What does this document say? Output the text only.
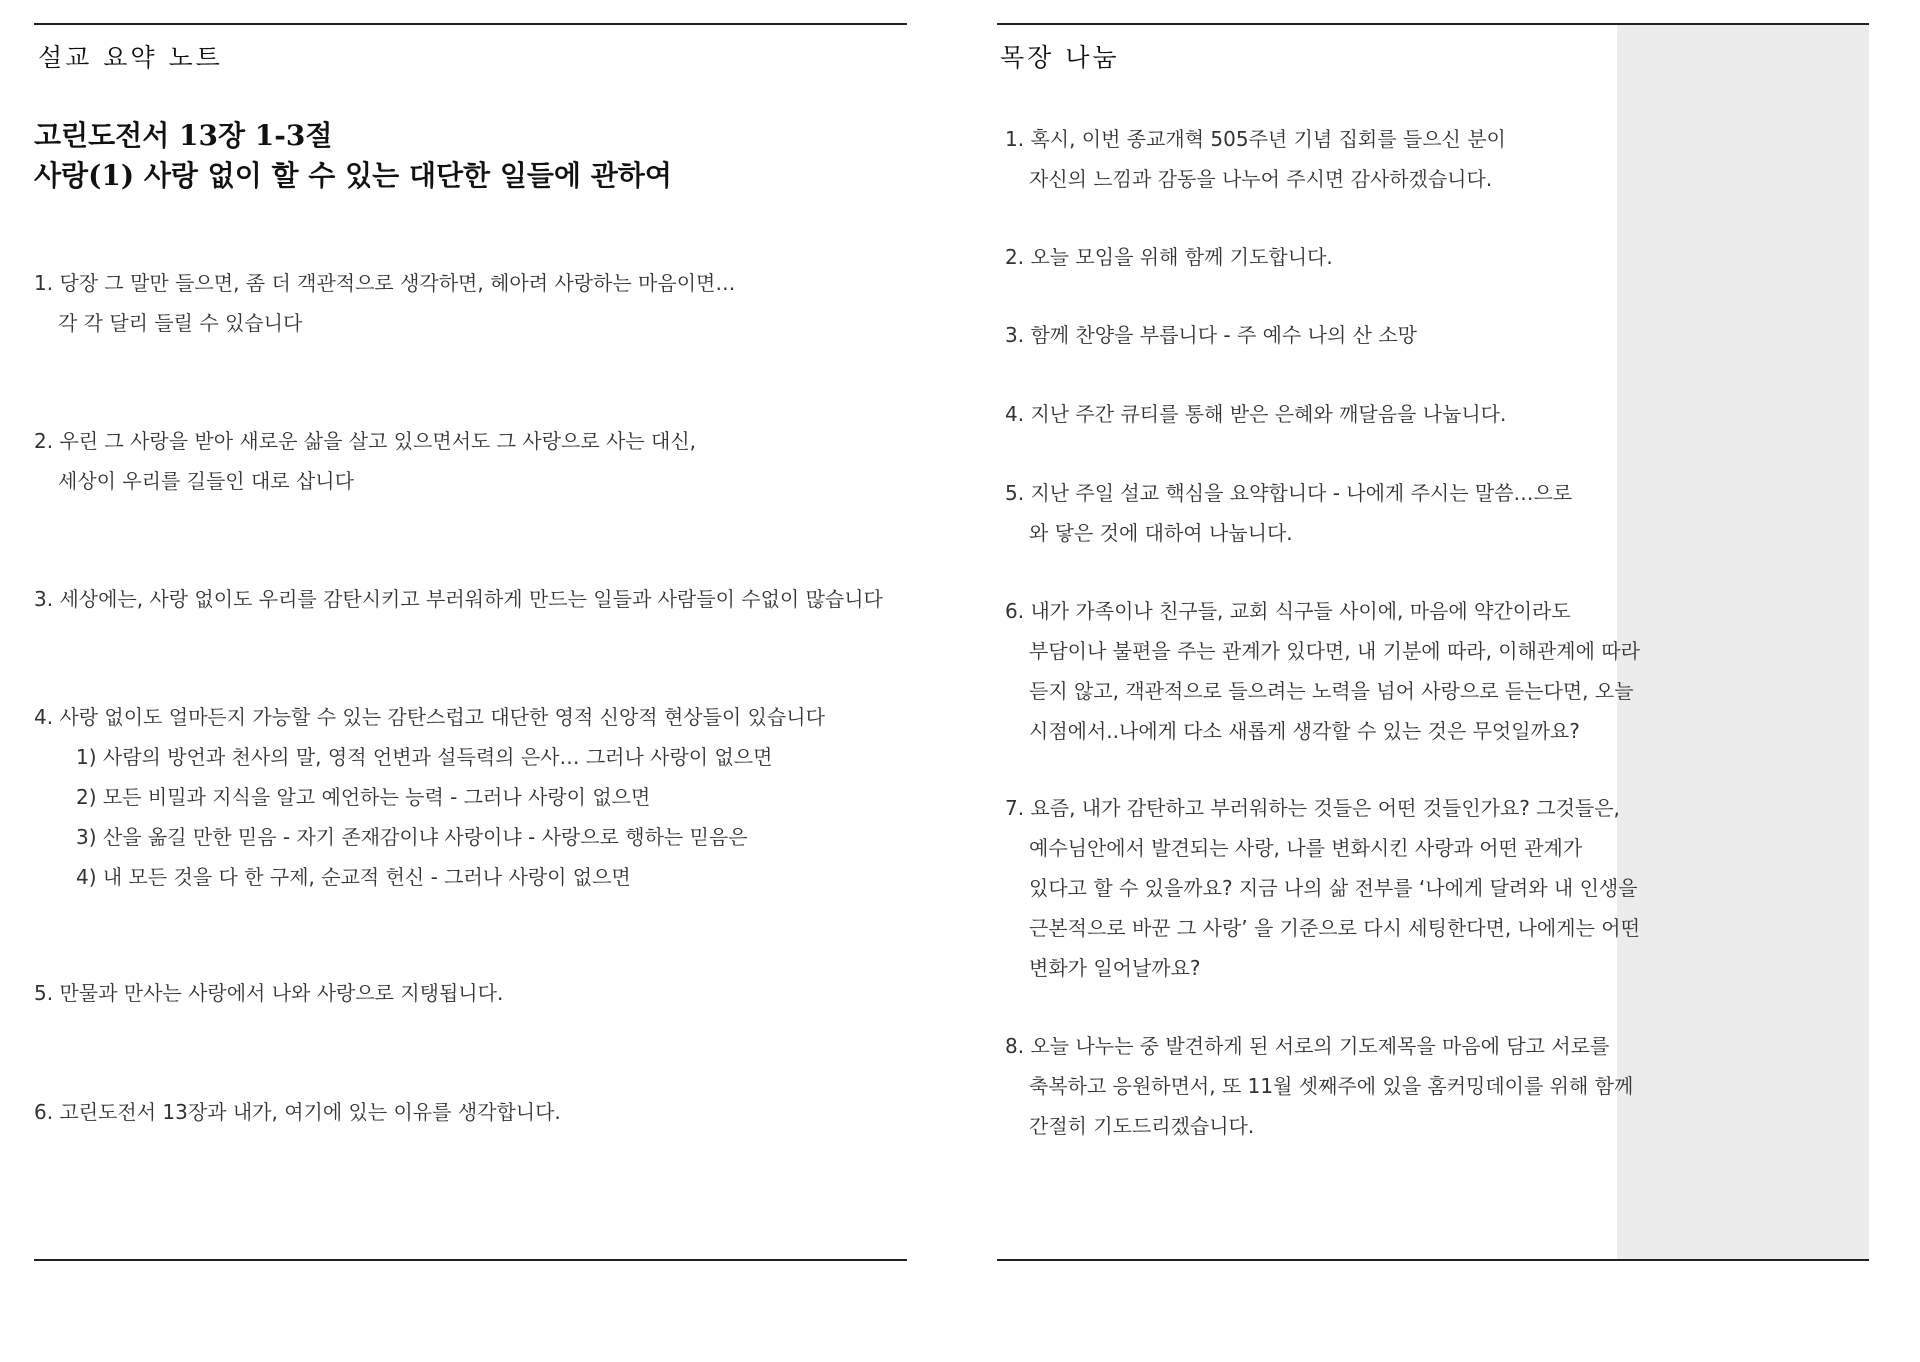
설교 요약 노트
고린도전서 13장 1-3절
사랑(1) 사랑 없이 할 수 있는 대단한 일들에 관하여
1. 당장 그 말만 들으면, 좀 더 객관적으로 생각하면, 헤아려 사랑하는 마음이면…
각 각 달리 들릴 수 있습니다
2. 우린 그 사랑을 받아 새로운 삶을 살고 있으면서도 그 사랑으로 사는 대신,
세상이 우리를 길들인 대로 삽니다
3. 세상에는, 사랑 없이도 우리를 감탄시키고 부러워하게 만드는 일들과 사람들이 수없이 많습니다
4. 사랑 없이도 얼마든지 가능할 수 있는 감탄스럽고 대단한 영적 신앙적 현상들이 있습니다
1) 사람의 방언과 천사의 말, 영적 언변과 설득력의 은사… 그러나 사랑이 없으면
2) 모든 비밀과 지식을 알고 예언하는 능력 - 그러나 사랑이 없으면
3) 산을 옮길 만한 믿음 - 자기 존재감이냐 사랑이냐 - 사랑으로 행하는 믿음은
4) 내 모든 것을 다 한 구제, 순교적 헌신 - 그러나 사랑이 없으면
5. 만물과 만사는 사랑에서 나와 사랑으로 지탱됩니다.
6. 고린도전서 13장과 내가, 여기에 있는 이유를 생각합니다.
목장 나눔
1. 혹시, 이번 종교개혁 505주년 기념 집회를 들으신 분이
자신의 느낌과 감동을 나누어 주시면 감사하겠습니다.
2. 오늘 모임을 위해 함께 기도합니다.
3. 함께 찬양을 부릅니다 - 주 예수 나의 산 소망
4. 지난 주간 큐티를 통해 받은 은혜와 깨달음을 나눕니다.
5. 지난 주일 설교 핵심을 요약합니다 - 나에게 주시는 말씀…으로
와 닿은 것에 대하여 나눕니다.
6. 내가 가족이나 친구들, 교회 식구들 사이에, 마음에 약간이라도
부담이나 불편을 주는 관계가 있다면, 내 기분에 따라, 이해관계에 따라
듣지 않고, 객관적으로 들으려는 노력을 넘어 사랑으로 듣는다면, 오늘
시점에서..나에게 다소 새롭게 생각할 수 있는 것은 무엇일까요?
7. 요즘, 내가 감탄하고 부러워하는 것들은 어떤 것들인가요? 그것들은,
예수님안에서 발견되는 사랑, 나를 변화시킨 사랑과 어떤 관계가
있다고 할 수 있을까요? 지금 나의 삶 전부를 ‘나에게 달려와 내 인생을
근본적으로 바꾼 그 사랑’ 을 기준으로 다시 세팅한다면, 나에게는 어떤
변화가 일어날까요?
8. 오늘 나누는 중 발견하게 된 서로의 기도제목을 마음에 담고 서로를
축복하고 응원하면서, 또 11월 셋째주에 있을 홈커밍데이를 위해 함께
간절히 기도드리겠습니다.
